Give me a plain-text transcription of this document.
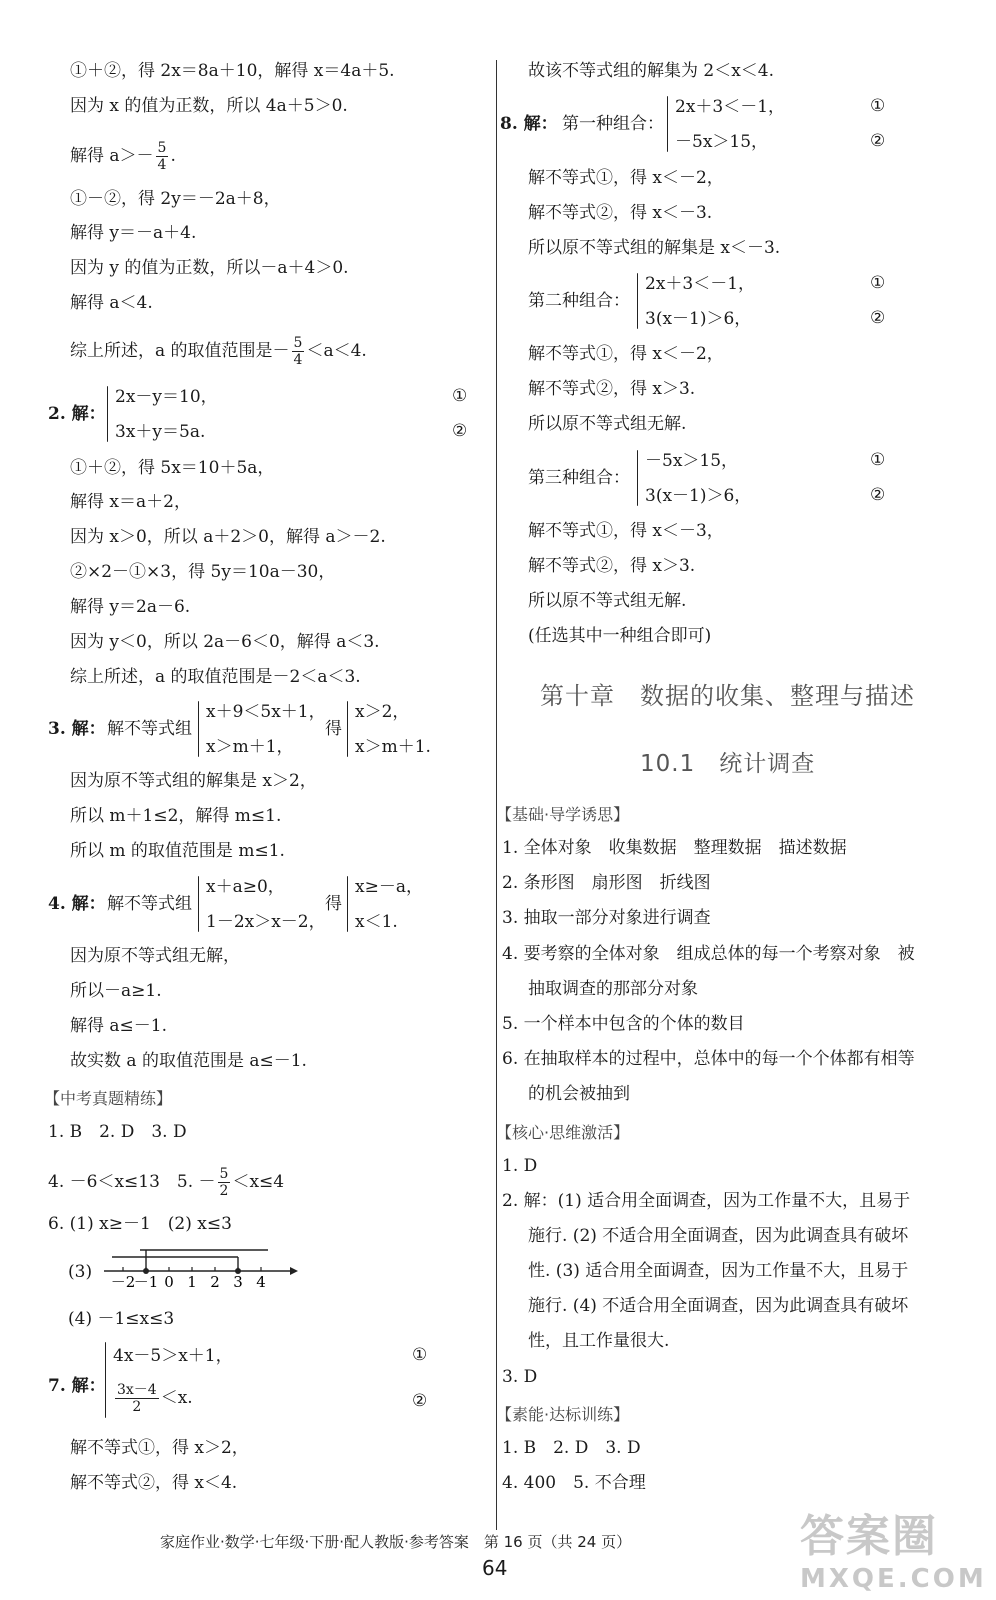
①＋②，得 2x＝8a＋10，解得 x＝4a＋5.
因为 x 的值为正数，所以 4a＋5＞0.
解得 $a>- \frac{5}{4}$ .
①－②，得 2y＝－2a＋8，
解得 y＝－a＋4.
因为 y 的值为正数，所以－a＋4＞0.
解得 a＜4.
综上所述，a 的取值范围是－ $\frac{5}{4} <a<4$.
2. 解：
2x－y＝10，
3x＋y＝5a.
①
②
①＋②，得 5x＝10＋5a，
解得 x＝a＋2，
因为 x＞0，所以 a＋2＞0，解得 a＞－2.
②×2－①×3，得 5y＝10a－30，
解得 y＝2a－6.
因为 y＜0，所以 2a－6＜0，解得 a＜3.
综上所述，a 的取值范围是－2＜a＜3.
3. 解： 解不等式组
x＋9＜5x＋1，
x＞m＋1，
得
x＞2，
x＞m＋1.
因为原不等式组的解集是 x＞2，
所以 m＋1≤2，解得 m≤1.
所以 m 的取值范围是 m≤1.
4. 解： 解不等式组
x＋a≥0，
1－2x＞x－2，
得
x≥－a，
x＜1.
因为原不等式组无解，
所以－a≥1.
解得 a≤－1.
故实数 a 的取值范围是 a≤－1.
【中考真题精练】
1. B　2. D　3. D
4. －6＜x≤13　5. － $\frac{5}{2} <x\le 4$
6. (1) x≥－1　(2) x≤3
(3) －2
－1 0 1 2 3 4
(4) －1≤x≤3
7. 解：
4x－5＞x＋1，
$\frac{3x-4}{2} <x$.
①
②
解不等式①，得 x＞2，
解不等式②，得 x＜4.
故该不等式组的解集为 2＜x＜4.
8. 解： 第一种组合：
2x＋3＜－1，
－5x＞15，
①
②
解不等式①，得 x＜－2，
解不等式②，得 x＜－3.
所以原不等式组的解集是 x＜－3.
第二种组合：
2x＋3＜－1，
3(x－1)＞6，
①
②
解不等式①，得 x＜－2，
解不等式②，得 x＞3.
所以原不等式组无解.
第三种组合：
－5x＞15，
3(x－1)＞6，
①
②
解不等式①，得 x＜－3，
解不等式②，得 x＞3.
所以原不等式组无解.
(任选其中一种组合即可)
第十章　数据的收集、整理与描述
10.1　统计调查
【基础·导学诱思】
1. 全体对象　收集数据　整理数据　描述数据
2. 条形图　扇形图　折线图
3. 抽取一部分对象进行调查
4. 要考察的全体对象　组成总体的每一个考察对象　被
抽取调查的那部分对象
5. 一个样本中包含的个体的数目
6. 在抽取样本的过程中，总体中的每一个个体都有相等
的机会被抽到
【核心·思维激活】
1. D
2. 解：(1) 适合用全面调查，因为工作量不大，且易于
施行. (2) 不适合用全面调查，因为此调查具有破坏
性. (3) 适合用全面调查，因为工作量不大，且易于
施行. (4) 不适合用全面调查，因为此调查具有破坏
性，且工作量很大.
3. D
【素能·达标训练】
1. B　2. D　3. D
4. 400　5. 不合理
家庭作业·数学·七年级·下册·配人教版·参考答案　第 16 页（共 24 页）
64
答案圈
MXQE.COM
